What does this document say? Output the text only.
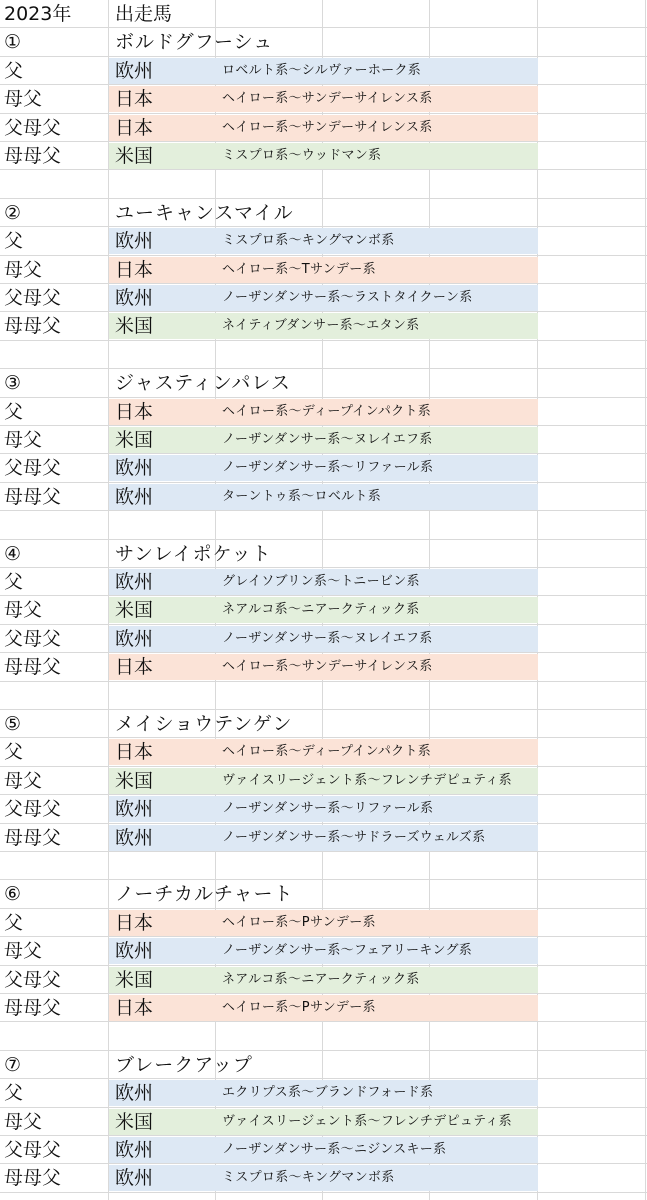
2023年	出走馬
①	ボルドグフーシュ
父	欧州	ロベルト系〜シルヴァーホーク系
母父	日本	ヘイロー系〜サンデーサイレンス系
父母父	日本	ヘイロー系〜サンデーサイレンス系
母母父	米国	ミスプロ系〜ウッドマン系
②	ユーキャンスマイル
父	欧州	ミスプロ系〜キングマンボ系
母父	日本	ヘイロー系〜Tサンデー系
父母父	欧州	ノーザンダンサー系〜ラストタイクーン系
母母父	米国	ネイティブダンサー系〜エタン系
③	ジャスティンパレス
父	日本	ヘイロー系〜ディープインパクト系
母父	米国	ノーザンダンサー系〜ヌレイエフ系
父母父	欧州	ノーザンダンサー系〜リファール系
母母父	欧州	ターントゥ系〜ロベルト系
④	サンレイポケット
父	欧州	グレイソブリン系〜トニービン系
母父	米国	ネアルコ系〜ニアークティック系
父母父	欧州	ノーザンダンサー系〜ヌレイエフ系
母母父	日本	ヘイロー系〜サンデーサイレンス系
⑤	メイショウテンゲン
父	日本	ヘイロー系〜ディープインパクト系
母父	米国	ヴァイスリージェント系〜フレンチデピュティ系
父母父	欧州	ノーザンダンサー系〜リファール系
母母父	欧州	ノーザンダンサー系〜サドラーズウェルズ系
⑥	ノーチカルチャート
父	日本	ヘイロー系〜Pサンデー系
母父	欧州	ノーザンダンサー系〜フェアリーキング系
父母父	米国	ネアルコ系〜ニアークティック系
母母父	日本	ヘイロー系〜Pサンデー系
⑦	ブレークアップ
父	欧州	エクリプス系〜ブランドフォード系
母父	米国	ヴァイスリージェント系〜フレンチデピュティ系
父母父	欧州	ノーザンダンサー系〜ニジンスキー系
母母父	欧州	ミスプロ系〜キングマンボ系
